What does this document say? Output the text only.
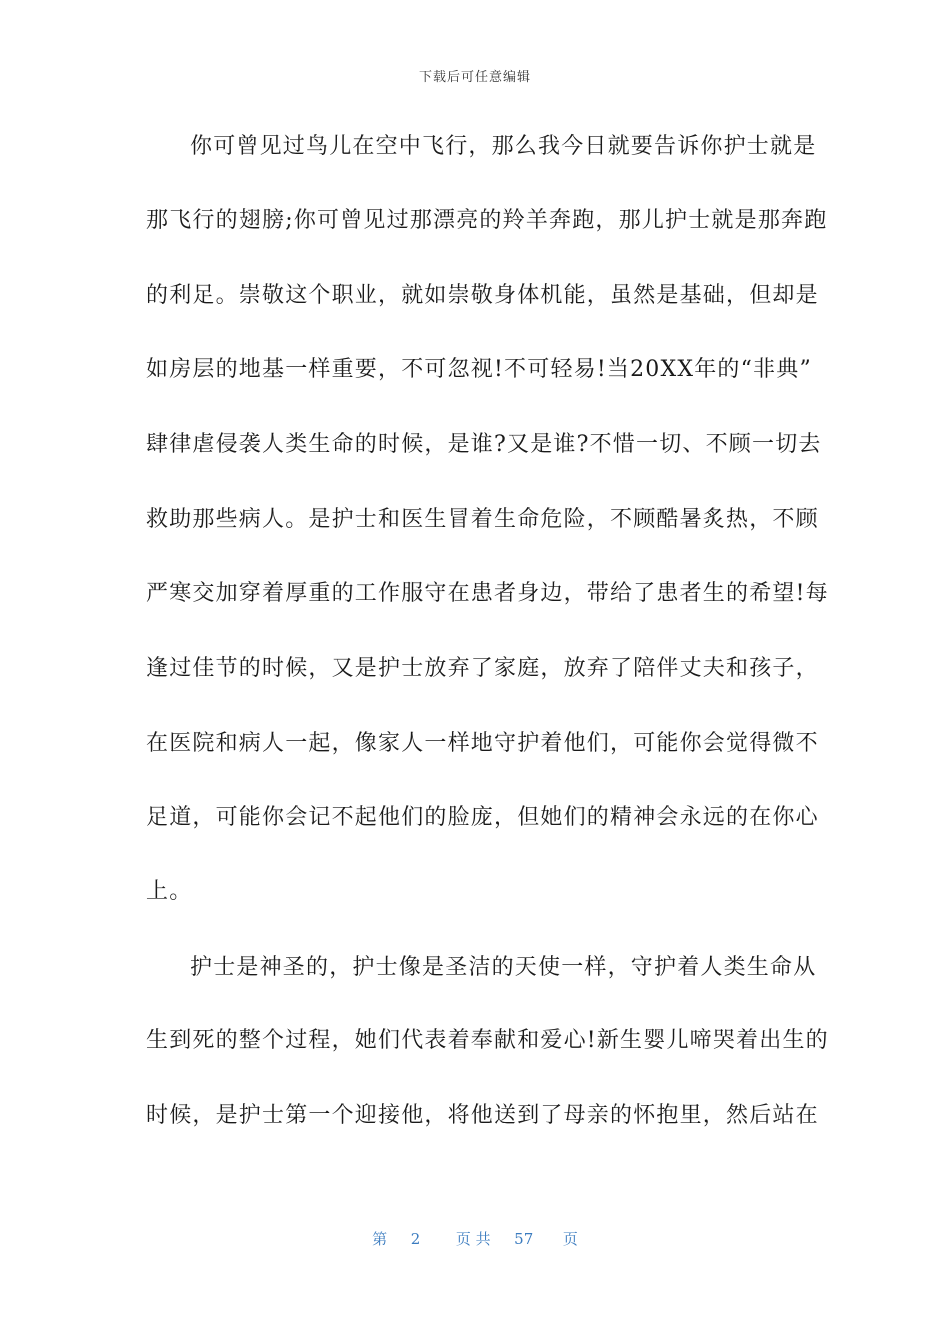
下载后可任意编辑
你可曾见过鸟儿在空中飞行，那么我今日就要告诉你护士就是
那飞行的翅膀;你可曾见过那漂亮的羚羊奔跑，那儿护士就是那奔跑
的利足。崇敬这个职业，就如崇敬身体机能，虽然是基础，但却是
如房层的地基一样重要，不可忽视!不可轻易!当20XX年的“非典”
肆律虐侵袭人类生命的时候，是谁?又是谁?不惜一切、不顾一切去
救助那些病人。是护士和医生冒着生命危险，不顾酷暑炙热，不顾
严寒交加穿着厚重的工作服守在患者身边，带给了患者生的希望!每
逢过佳节的时候，又是护士放弃了家庭，放弃了陪伴丈夫和孩子，
在医院和病人一起，像家人一样地守护着他们，可能你会觉得微不
足道，可能你会记不起他们的脸庞，但她们的精神会永远的在你心
上。
护士是神圣的，护士像是圣洁的天使一样，守护着人类生命从
生到死的整个过程，她们代表着奉献和爱心!新生婴儿啼哭着出生的
时候，是护士第一个迎接他，将他送到了母亲的怀抱里，然后站在
第 2 页 共 57 页
